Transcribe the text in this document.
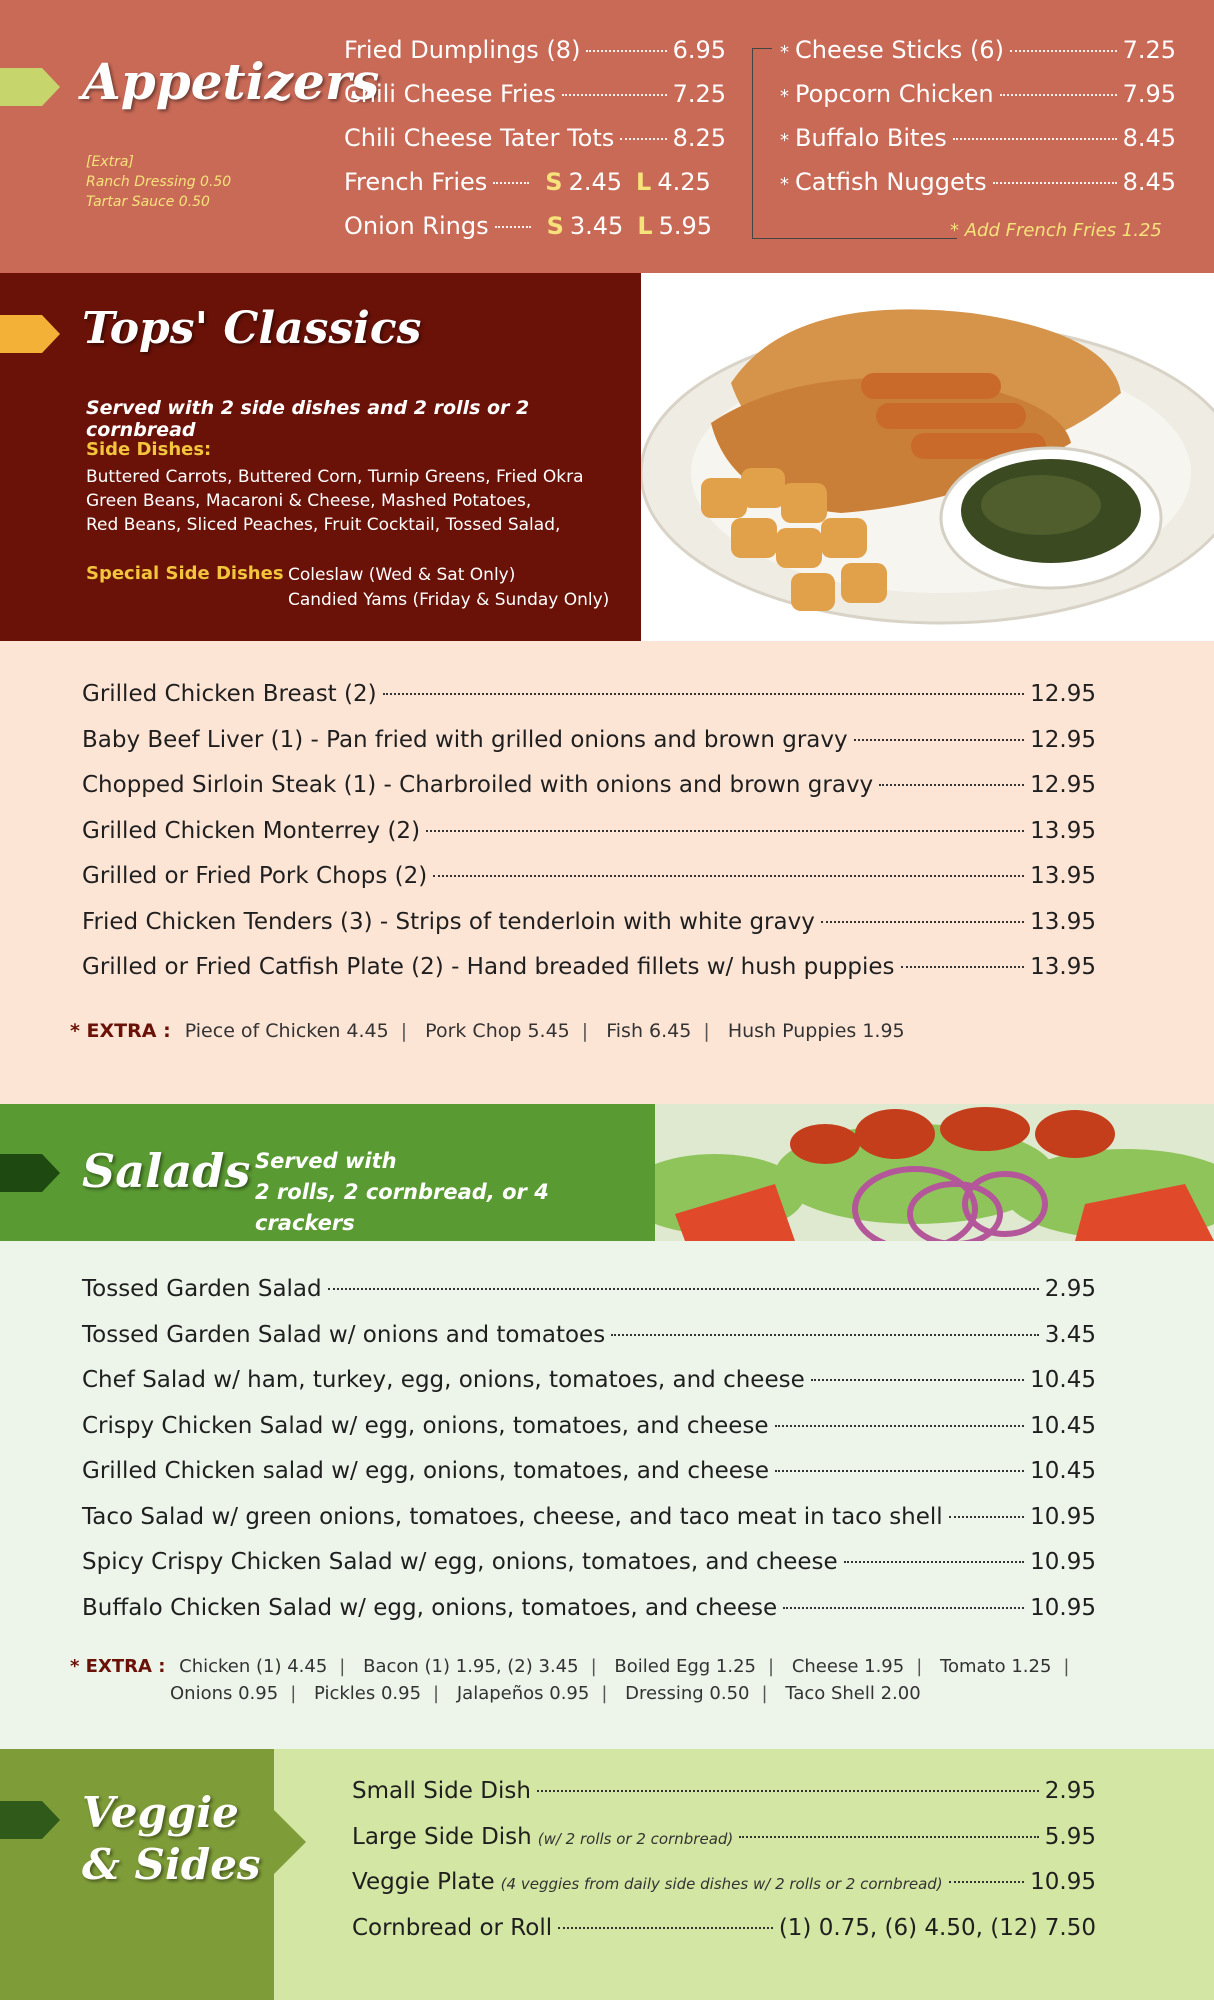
Appetizers
[Extra]
Ranch Dressing 0.50
Tartar Sauce 0.50
Fried Dumplings (8)	6.95
Chili Cheese Fries	7.25
Chili Cheese Tater Tots 8.25
French Fries S 2.45 L 4.25
Onion Rings S 3.45 L 5.95
* Cheese Sticks (6)	7.25
* Popcorn Chicken	7.95
* Buffalo Bites	8.45
* Catfish Nuggets	8.45
* Add French Fries 1.25
Tops' Classics
Served with 2 side dishes and 2 rolls or 2 cornbread
Side Dishes:
Buttered Carrots, Buttered Corn, Turnip Greens, Fried Okra
Green Beans, Macaroni & Cheese, Mashed Potatoes,
Red Beans, Sliced Peaches, Fruit Cocktail, Tossed Salad,
Special Side Dishes Coleslaw (Wed & Sat Only)
Candied Yams (Friday & Sunday Only)
Grilled Chicken Breast (2)	12.95
Baby Beef Liver (1) - Pan fried with grilled onions and brown gravy	12.95
Chopped Sirloin Steak (1) - Charbroiled with onions and brown gravy	12.95
Grilled Chicken Monterrey (2)	13.95
Grilled or Fried Pork Chops (2)	13.95
Fried Chicken Tenders (3) - Strips of tenderloin with white gravy	13.95
Grilled or Fried Catfish Plate (2) - Hand breaded fillets w/ hush puppies	13.95
* EXTRA : Piece of Chicken 4.45 | Pork Chop 5.45 | Fish 6.45 | Hush Puppies 1.95
Salads Served with
2 rolls, 2 cornbread, or 4 crackers
Tossed Garden Salad	2.95
Tossed Garden Salad w/ onions and tomatoes	3.45
Chef Salad w/ ham, turkey, egg, onions, tomatoes, and cheese	10.45
Crispy Chicken Salad w/ egg, onions, tomatoes, and cheese	10.45
Grilled Chicken salad w/ egg, onions, tomatoes, and cheese	10.45
Taco Salad w/ green onions, tomatoes, cheese, and taco meat in taco shell	10.95
Spicy Crispy Chicken Salad w/ egg, onions, tomatoes, and cheese	10.95
Buffalo Chicken Salad w/ egg, onions, tomatoes, and cheese	10.95
* EXTRA : Chicken (1) 4.45 | Bacon (1) 1.95, (2) 3.45 | Boiled Egg 1.25 | Cheese 1.95 | Tomato 1.25 |
Onions 0.95 | Pickles 0.95 | Jalapeños 0.95 | Dressing 0.50 | Taco Shell 2.00
Veggie
& Sides
Small Side Dish	2.95
Large Side Dish (w/ 2 rolls or 2 cornbread)	5.95
Veggie Plate (4 veggies from daily side dishes w/ 2 rolls or 2 cornbread)	10.95
Cornbread or Roll	(1) 0.75, (6) 4.50, (12) 7.50
